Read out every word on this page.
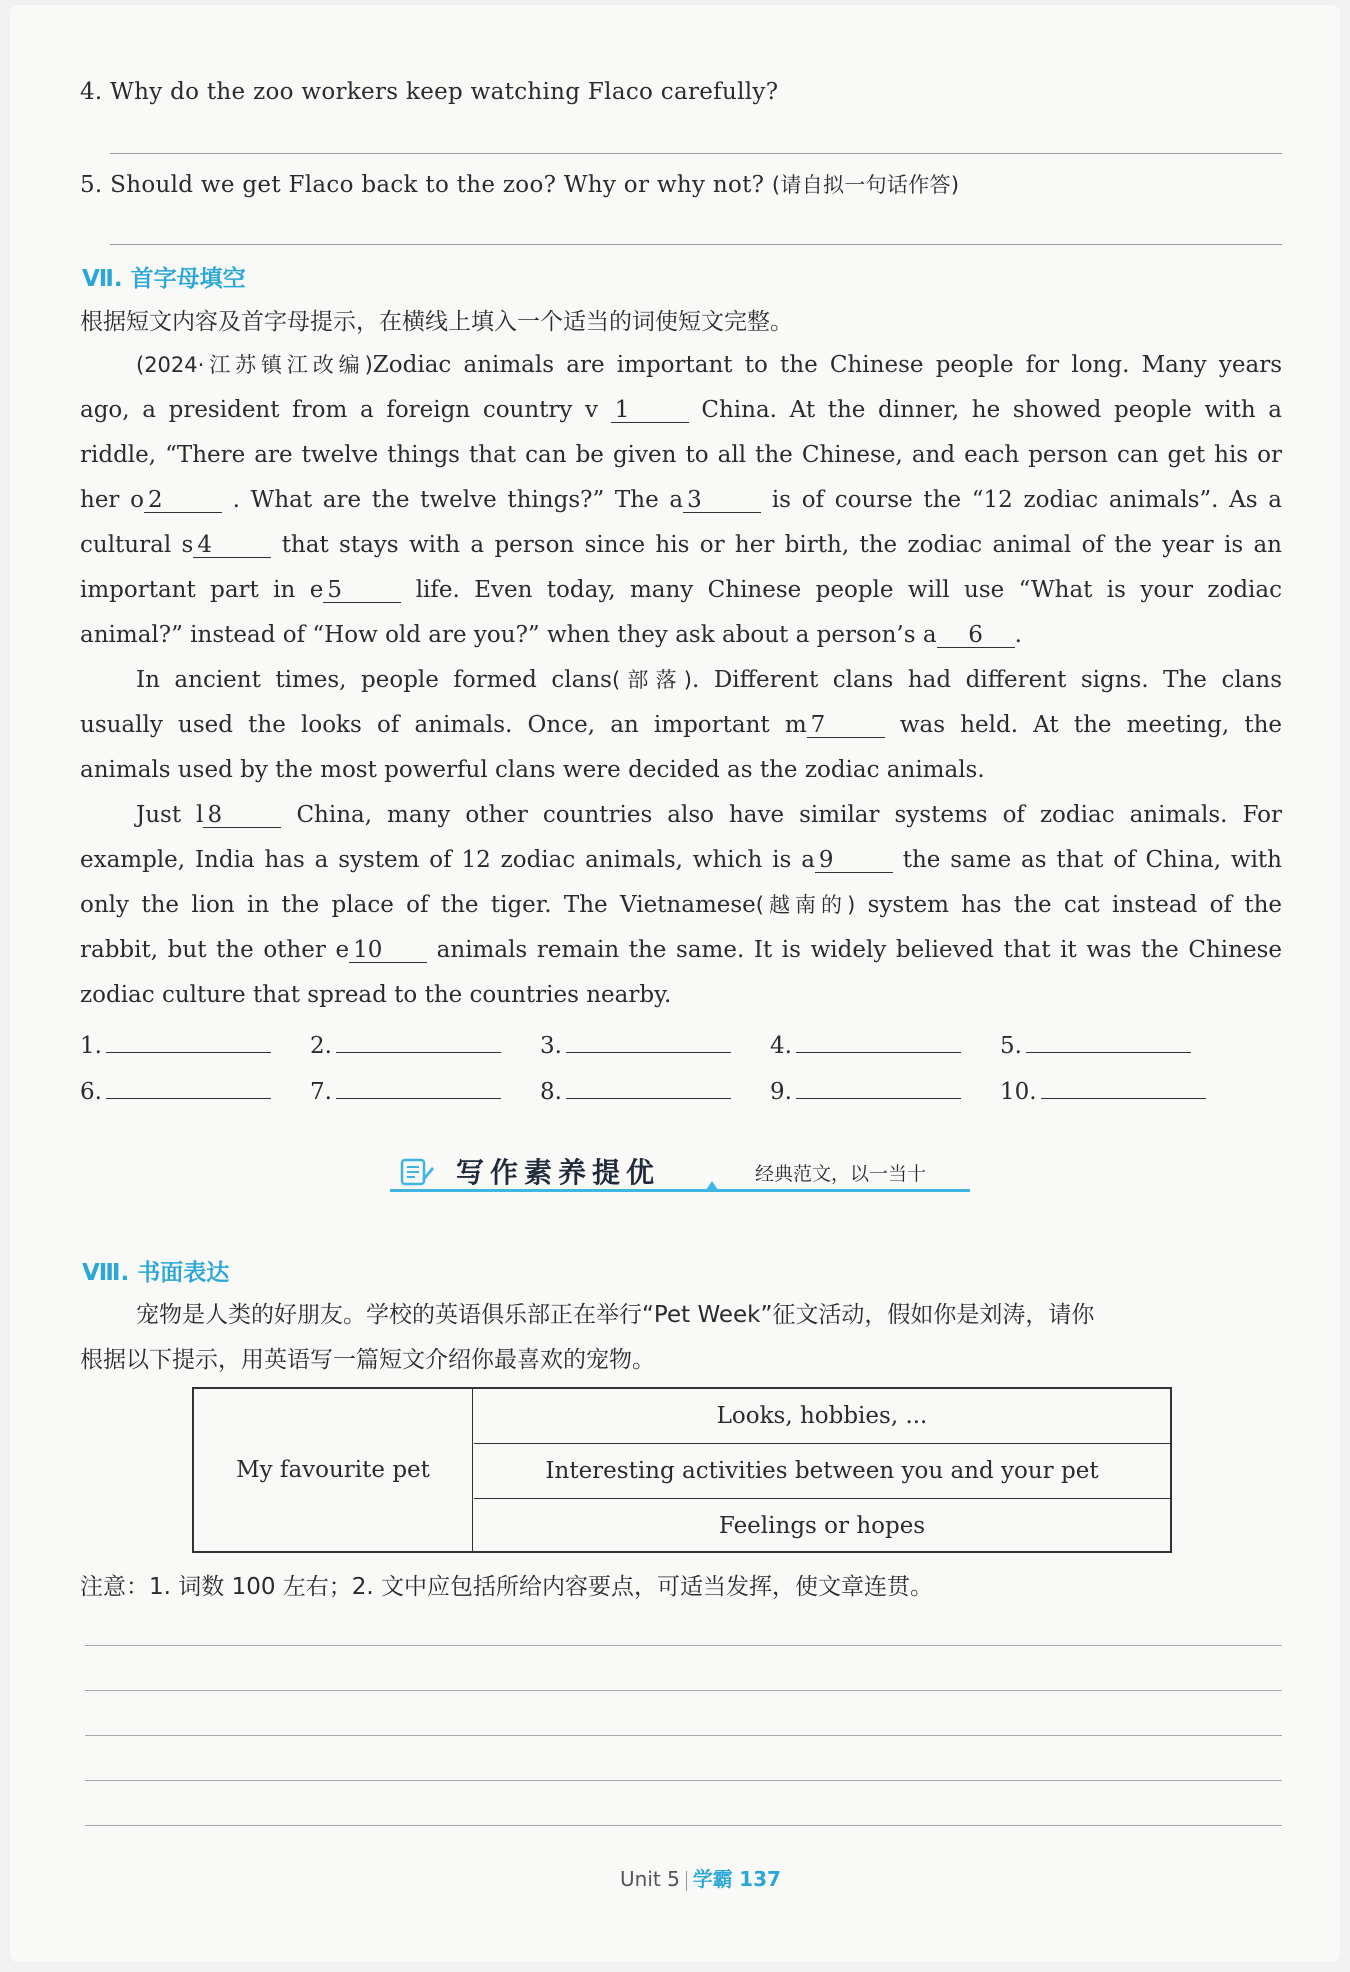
4. Why do the zoo workers keep watching Flaco carefully?
5. Should we get Flaco back to the zoo? Why or why not? (请自拟一句话作答)
Ⅶ. 首字母填空
根据短文内容及首字母提示，在横线上填入一个适当的词使短文完整。
(2024·江苏镇江改编)Zodiac animals are important to the Chinese people for long. Many years
ago, a president from a foreign country v 1	China. At the dinner, he showed people with a
riddle, “There are twelve things that can be given to all the Chinese, and each person can get his or
her o 2	. What are the twelve things?” The a 3	is of course the “12 zodiac animals”. As a
cultural s 4	that stays with a person since his or her birth, the zodiac animal of the year is an
important part in e 5	life. Even today, many Chinese people will use “What is your zodiac
animal?” instead of “How old are you?” when they ask about a person’s a 6 .
In ancient times, people formed clans(部落). Different clans had different signs. The clans
usually used the looks of animals. Once, an important m 7	was held. At the meeting, the
animals used by the most powerful clans were decided as the zodiac animals.
Just l 8	China, many other countries also have similar systems of zodiac animals. For
example, India has a system of 12 zodiac animals, which is a 9	the same as that of China, with
only the lion in the place of the tiger. The Vietnamese(越南的) system has the cat instead of the
rabbit, but the other e 10 animals remain the same. It is widely believed that it was the Chinese
zodiac culture that spread to the countries nearby.
1.	2.	3.	4.	5.
6.	7.	8.	9.	10.
写作素养提优	经典范文，以一当十
Ⅷ. 书面表达
宠物是人类的好朋友。学校的英语俱乐部正在举行“Pet Week”征文活动，假如你是刘涛，请你
根据以下提示，用英语写一篇短文介绍你最喜欢的宠物。
My favourite pet
Looks, hobbies, ...
Interesting activities between you and your pet
Feelings or hopes
注意：1. 词数 100 左右；2. 文中应包括所给内容要点，可适当发挥，使文章连贯。
Unit 5 学霸 137
